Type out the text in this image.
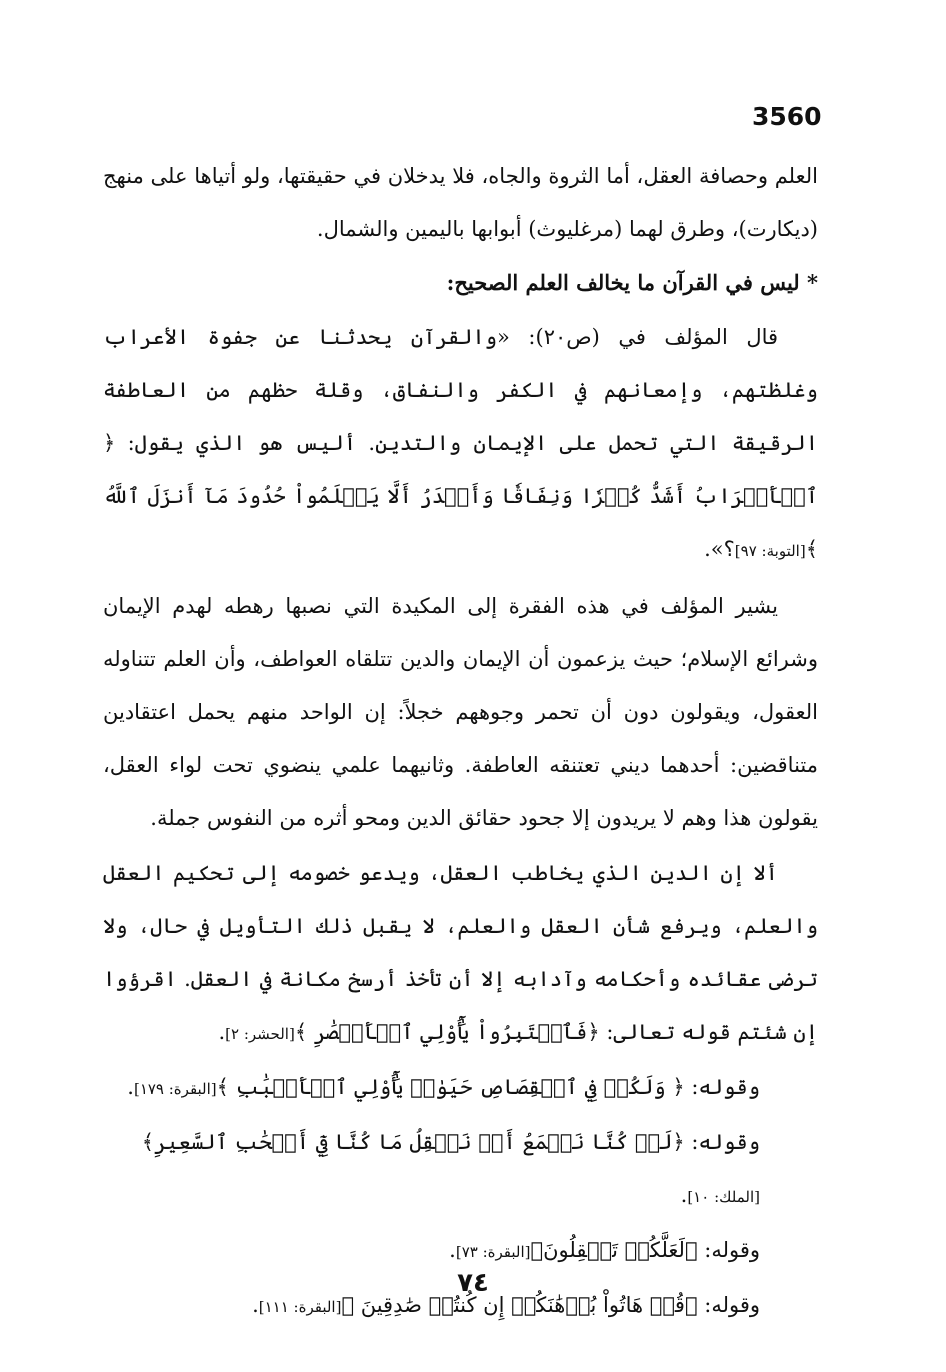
3560

العلم وحصافة العقل، أما الثروة والجاه، فلا يدخلان في حقيقتها، ولو أتياها على منهج (ديكارت)، وطرق لهما (مرغليوث) أبوابها باليمين والشمال.

* ليس في القرآن ما يخالف العلم الصحيح:

قال المؤلف في (ص٢٠): «والقرآن يحدثنا عن جفوة الأعراب وغلظتهم، وإمعانهم في الكفر والنفاق، وقلة حظهم من العاطفة الرقيقة التي تحمل على الإيمان والتدين. أليس هو الذي يقول: ﴿ ٱلۡأَعۡرَابُ أَشَدُّ كُفۡرٗا وَنِفَاقٗا وَأَجۡدَرُ أَلَّا يَعۡلَمُواْ حُدُودَ مَآ أَنزَلَ ٱللَّهُ ﴾[التوبة: ٩٧]؟».

يشير المؤلف في هذه الفقرة إلى المكيدة التي نصبها رهطه لهدم الإيمان وشرائع الإسلام؛ حيث يزعمون أن الإيمان والدين تتلقاه العواطف، وأن العلم تتناوله العقول، ويقولون دون أن تحمر وجوههم خجلاً: إن الواحد منهم يحمل اعتقادين متناقضين: أحدهما ديني تعتنقه العاطفة. وثانيهما علمي ينضوي تحت لواء العقل، يقولون هذا وهم لا يريدون إلا جحود حقائق الدين ومحو أثره من النفوس جملة.

ألا إن الدين الذي يخاطب العقل، ويدعو خصومه إلى تحكيم العقل والعلم، ويرفع شأن العقل والعلم، لا يقبل ذلك التأويل في حال، ولا ترضى عقائده وأحكامه وآدابه إلا أن تأخذ أرسخ مكانة في العقل. اقرؤوا إن شئتم قوله تعالى: ﴿فَٱعۡتَبِرُواْ يَٰٓأُوْلِي ٱلۡأَبۡصَٰرِ ﴾[الحشر: ٢].

وقوله: ﴿ وَلَكُمۡ فِي ٱلۡقِصَاصِ حَيَوٰةٞ يَٰٓأُوْلِي ٱلۡأَلۡبَٰبِ ﴾[البقرة: ١٧٩].

وقوله: ﴿لَوۡ كُنَّا نَسۡمَعُ أَوۡ نَعۡقِلُ مَا كُنَّا فِيٓ أَصۡحَٰبِ ٱلسَّعِيرِ﴾[الملك: ١٠].

وقوله: ﴿لَعَلَّكُمۡ تَعۡقِلُونَ﴾[البقرة: ٧٣].

وقوله: ﴿قُلۡ هَاتُواْ بُرۡهَٰنَكُمۡ إِن كُنتُمۡ صَٰدِقِينَ ﴾[البقرة: ١١١].

٧٤
